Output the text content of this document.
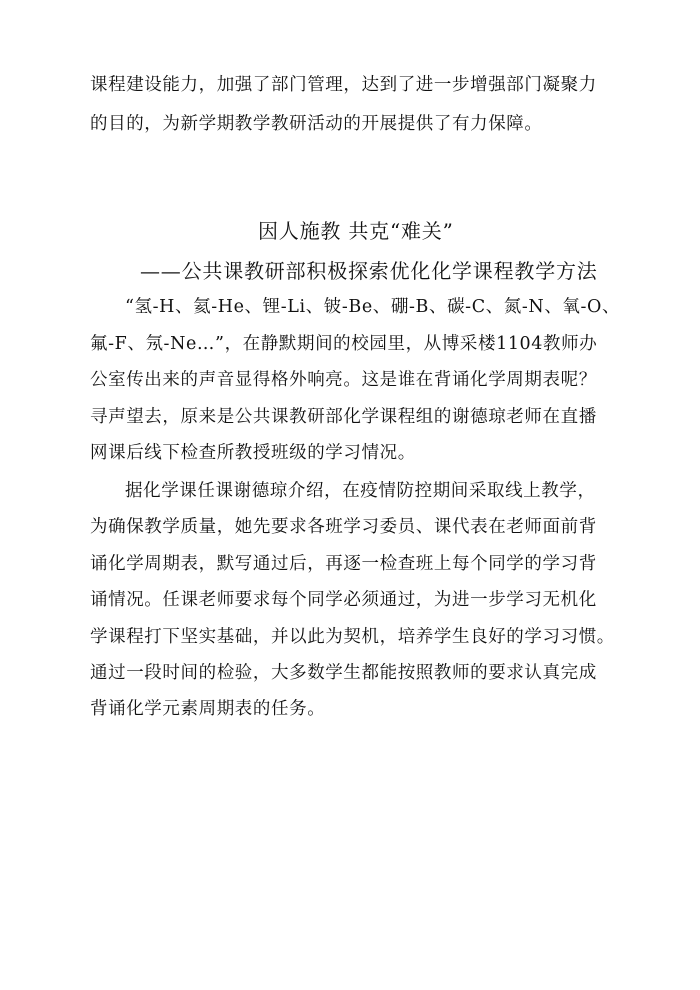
课程建设能力，加强了部门管理，达到了进一步增强部门凝聚力
的目的，为新学期教学教研活动的开展提供了有力保障。
因人施教 共克“难关”
——公共课教研部积极探索优化化学课程教学方法
“氢-H、氦-He、锂-Li、铍-Be、硼-B、碳-C、氮-N、氧-O、
氟-F、氖-Ne…”，在静默期间的校园里，从博采楼1104教师办
公室传出来的声音显得格外响亮。这是谁在背诵化学周期表呢？
寻声望去，原来是公共课教研部化学课程组的谢德琼老师在直播
网课后线下检查所教授班级的学习情况。
据化学课任课谢德琼介绍，在疫情防控期间采取线上教学，
为确保教学质量，她先要求各班学习委员、课代表在老师面前背
诵化学周期表，默写通过后，再逐一检查班上每个同学的学习背
诵情况。任课老师要求每个同学必须通过，为进一步学习无机化
学课程打下坚实基础，并以此为契机，培养学生良好的学习习惯。
通过一段时间的检验，大多数学生都能按照教师的要求认真完成
背诵化学元素周期表的任务。
